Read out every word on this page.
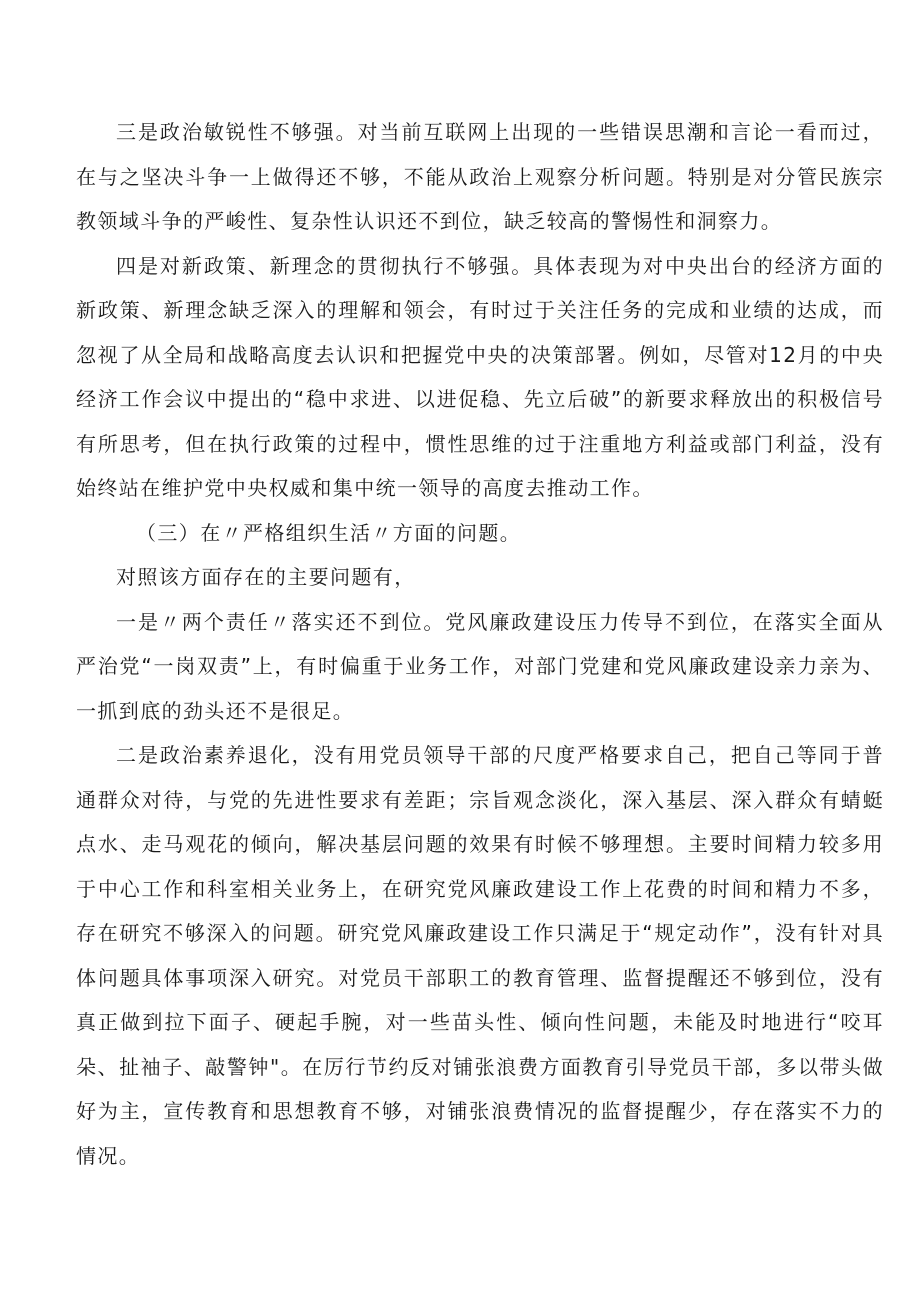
三是政治敏锐性不够强。对当前互联网上出现的一些错误思潮和言论一看而过，在与之坚决斗争一上做得还不够，不能从政治上观察分析问题。特别是对分管民族宗教领域斗争的严峻性、复杂性认识还不到位，缺乏较高的警惕性和洞察力。

四是对新政策、新理念的贯彻执行不够强。具体表现为对中央出台的经济方面的新政策、新理念缺乏深入的理解和领会，有时过于关注任务的完成和业绩的达成，而忽视了从全局和战略高度去认识和把握党中央的决策部署。例如，尽管对12月的中央经济工作会议中提出的“稳中求进、以进促稳、先立后破”的新要求释放出的积极信号有所思考，但在执行政策的过程中，惯性思维的过于注重地方利益或部门利益，没有始终站在维护党中央权威和集中统一领导的高度去推动工作。

（三）在〃严格组织生活〃方面的问题。

对照该方面存在的主要问题有，

一是〃两个责任〃落实还不到位。党风廉政建设压力传导不到位，在落实全面从严治党“一岗双责”上，有时偏重于业务工作，对部门党建和党风廉政建设亲力亲为、一抓到底的劲头还不是很足。

二是政治素养退化，没有用党员领导干部的尺度严格要求自己，把自己等同于普通群众对待，与党的先进性要求有差距；宗旨观念淡化，深入基层、深入群众有蜻蜓点水、走马观花的倾向，解决基层问题的效果有时候不够理想。主要时间精力较多用于中心工作和科室相关业务上，在研究党风廉政建设工作上花费的时间和精力不多，存在研究不够深入的问题。研究党风廉政建设工作只满足于“规定动作”，没有针对具体问题具体事项深入研究。对党员干部职工的教育管理、监督提醒还不够到位，没有真正做到拉下面子、硬起手腕，对一些苗头性、倾向性问题，未能及时地进行“咬耳朵、扯袖子、敲警钟"。在厉行节约反对铺张浪费方面教育引导党员干部，多以带头做好为主，宣传教育和思想教育不够，对铺张浪费情况的监督提醒少，存在落实不力的情况。
